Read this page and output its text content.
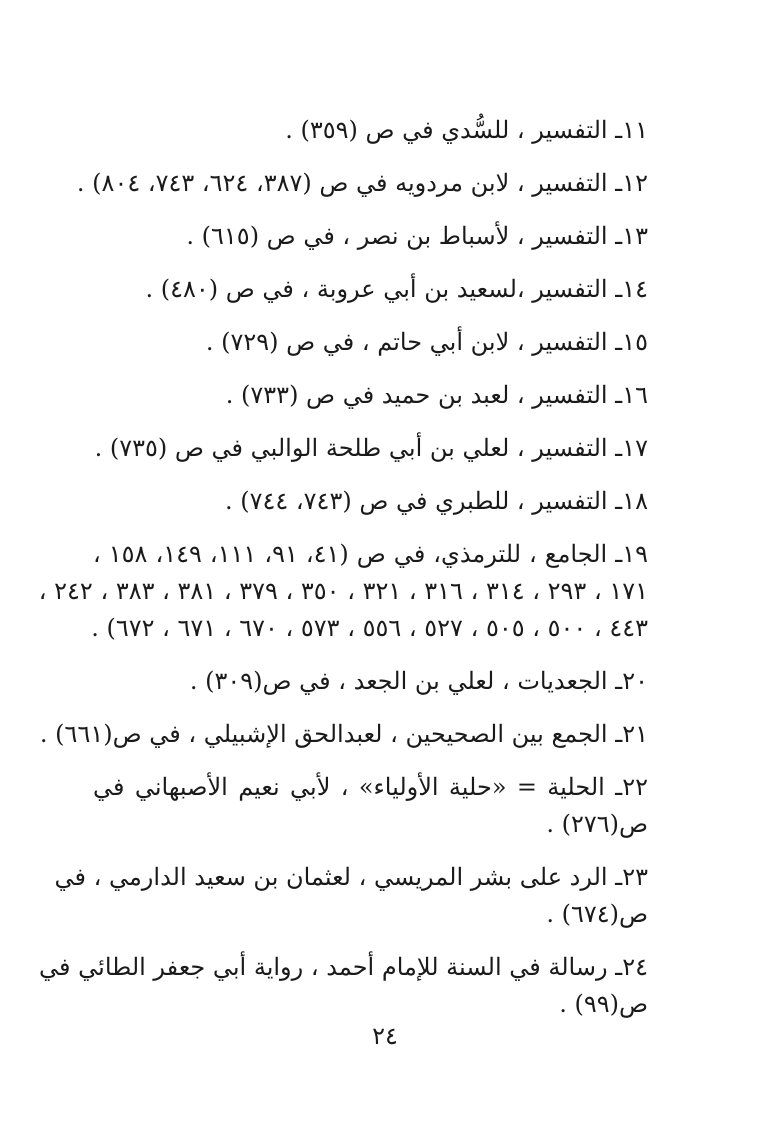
١١ـ التفسير ، للسُّدي في ص (٣٥٩) .

١٢ـ التفسير ، لابن مردويه في ص (٣٨٧، ٦٢٤، ٧٤٣، ٨٠٤) .

١٣ـ التفسير ، لأسباط بن نصر ، في ص (٦١٥) .

١٤ـ التفسير ،لسعيد بن أبي عروبة ، في ص (٤٨٠) .

١٥ـ التفسير ، لابن أبي حاتم ، في ص (٧٢٩) .

١٦ـ التفسير ، لعبد بن حميد في ص (٧٣٣) .

١٧ـ التفسير ، لعلي بن أبي طلحة الوالبي في ص (٧٣٥) .

١٨ـ التفسير ، للطبري في ص (٧٤٣، ٧٤٤) .

١٩ـ الجامع ، للترمذي، في ص (٤١، ٩١، ١١١، ١٤٩، ١٥٨ ،
١٧١ ، ٢٩٣ ، ٣١٤ ، ٣١٦ ، ٣٢١ ، ٣٥٠ ، ٣٧٩ ، ٣٨١ ، ٣٨٣ ، ٢٤٢ ،
٤٤٣ ، ٥٠٠ ، ٥٠٥ ، ٥٢٧ ، ٥٥٦ ، ٥٧٣ ، ٦٧٠ ، ٦٧١ ، ٦٧٢) .

٢٠ـ الجعديات ، لعلي بن الجعد ، في ص(٣٠٩) .

٢١ـ الجمع بين الصحيحين ، لعبدالحق الإشبيلي ، في ص(٦٦١) .

٢٢ـ الحلية = «حلية الأولياء» ، لأبي نعيم الأصبهاني في
ص(٢٧٦) .

٢٣ـ الرد على بشر المريسي ، لعثمان بن سعيد الدارمي ، في
ص(٦٧٤) .

٢٤ـ رسالة في السنة للإمام أحمد ، رواية أبي جعفر الطائي في
ص(٩٩) .

٢٤
